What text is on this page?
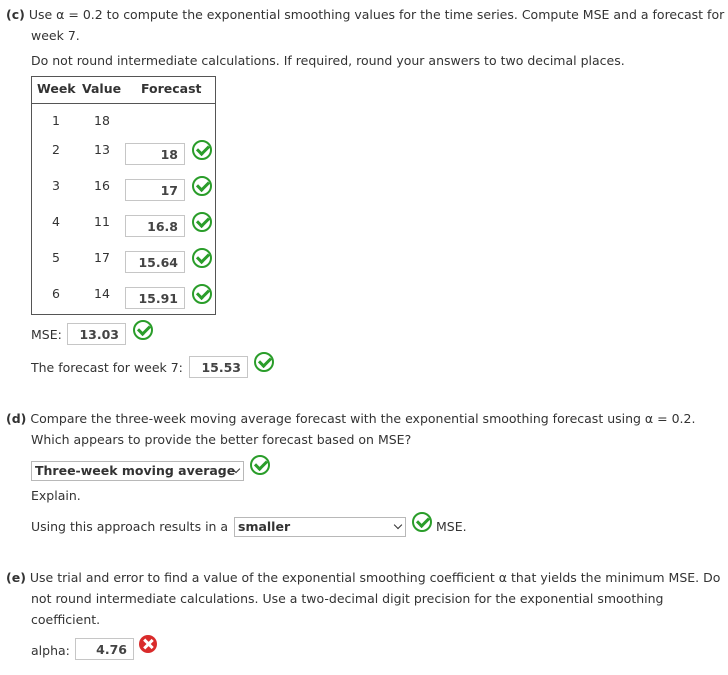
(c) Use α = 0.2 to compute the exponential smoothing values for the time series. Compute MSE and a forecast for
week 7.
Do not round intermediate calculations. If required, round your answers to two decimal places.
Week Value Forecast
1	18
2	13	18
3	16	17
4	11	16.8
5	17	15.64
6	14	15.91
MSE:	13.03
The forecast for week 7:	15.53
(d) Compare the three-week moving average forecast with the exponential smoothing forecast using α = 0.2.
Which appears to provide the better forecast based on MSE?
Three-week moving average
Explain.
Using this approach results in a smaller	MSE.
(e) Use trial and error to find a value of the exponential smoothing coefficient α that yields the minimum MSE. Do
not round intermediate calculations. Use a two-decimal digit precision for the exponential smoothing
coefficient.
alpha:	4.76
